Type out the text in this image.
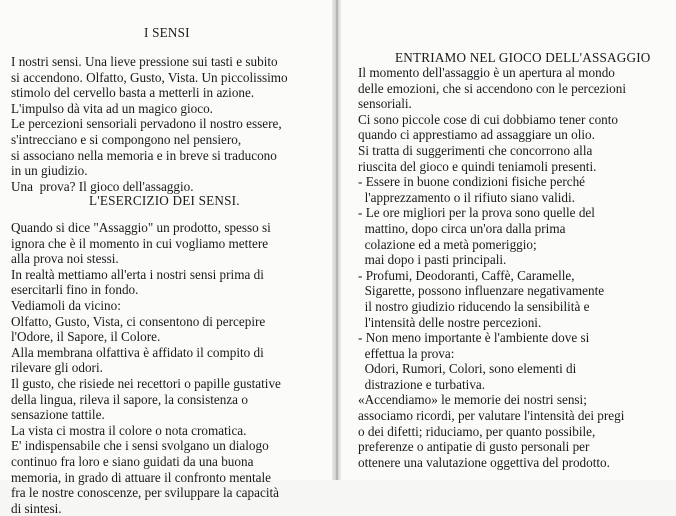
I SENSI
I nostri sensi. Una lieve pressione sui tasti e subito
si accendono. Olfatto, Gusto, Vista. Un piccolissimo
stimolo del cervello basta a metterli in azione.
L'impulso dà vita ad un magico gioco.
Le percezioni sensoriali pervadono il nostro essere,
s'intrecciano e si compongono nel pensiero,
si associano nella memoria e in breve si traducono
in un giudizio.
Una  prova? Il gioco dell'assaggio.
L'ESERCIZIO DEI SENSI.
Quando si dice "Assaggio" un prodotto, spesso si
ignora che è il momento in cui vogliamo mettere
alla prova noi stessi.
In realtà mettiamo all'erta i nostri sensi prima di
esercitarli fino in fondo.
Vediamoli da vicino:
Olfatto, Gusto, Vista, ci consentono di percepire
l'Odore, il Sapore, il Colore.
Alla membrana olfattiva è affidato il compito di
rilevare gli odori.
Il gusto, che risiede nei recettori o papille gustative
della lingua, rileva il sapore, la consistenza o
sensazione tattile.
La vista ci mostra il colore o nota cromatica.
E' indispensabile che i sensi svolgano un dialogo
continuo fra loro e siano guidati da una buona
memoria, in grado di attuare il confronto mentale
fra le nostre conoscenze, per sviluppare la capacità
di sintesi.
ENTRIAMO NEL GIOCO DELL'ASSAGGIO
Il momento dell'assaggio è un apertura al mondo
delle emozioni, che si accendono con le percezioni
sensoriali.
Ci sono piccole cose di cui dobbiamo tener conto
quando ci apprestiamo ad assaggiare un olio.
Si tratta di suggerimenti che concorrono alla
riuscita del gioco e quindi teniamoli presenti.
- Essere in buone condizioni fisiche perché
l'apprezzamento o il rifiuto siano validi.
- Le ore migliori per la prova sono quelle del
mattino, dopo circa un'ora dalla prima
colazione ed a metà pomeriggio;
mai dopo i pasti principali.
- Profumi, Deodoranti, Caffè, Caramelle,
Sigarette, possono influenzare negativamente
il nostro giudizio riducendo la sensibilità e
l'intensità delle nostre percezioni.
- Non meno importante è l'ambiente dove si
effettua la prova:
Odori, Rumori, Colori, sono elementi di
distrazione e turbativa.
«Accendiamo» le memorie dei nostri sensi;
associamo ricordi, per valutare l'intensità dei pregi
o dei difetti; riduciamo, per quanto possibile,
preferenze o antipatie di gusto personali per
ottenere una valutazione oggettiva del prodotto.
